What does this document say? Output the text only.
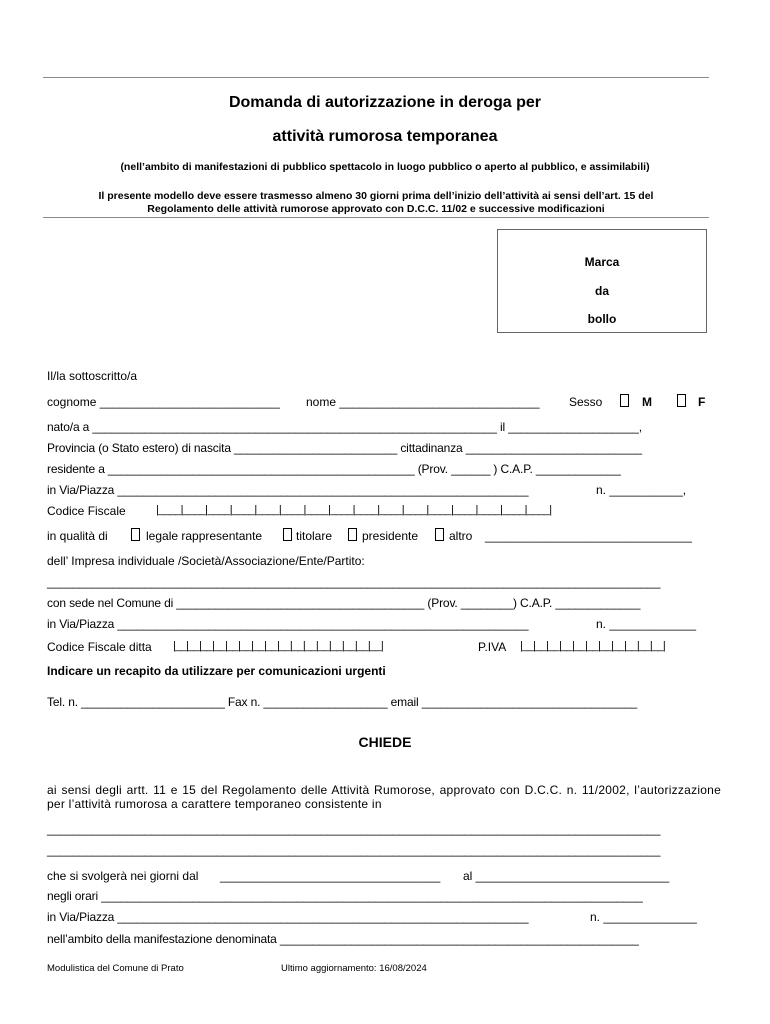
Domanda di autorizzazione in deroga per
attività rumorosa temporanea
(nell’ambito di manifestazioni di pubblico spettacolo in luogo pubblico o aperto al pubblico, e assimilabili)
Il presente modello deve essere trasmesso almeno 30 giorni prima dell’inizio dell’attività ai sensi dell’art. 15 del
Regolamento delle attività rumorose approvato con D.C.C. 11/02 e successive modificazioni
Marca
da
bollo
Il/la sottoscritto/a
cognome ___________________________ nome ______________________________ Sesso	M	F
nato/a a ______________________________________________________________ il ____________________,
Provincia (o Stato estero) di nascita _________________________ cittadinanza ___________________________
residente a _______________________________________________ (Prov. ______ ) C.A.P. _____________
in Via/Piazza _______________________________________________________________	n. ___________,
Codice Fiscale	|____|____|____|____|____|____|____|____|____|____|____|____|____|____|____|____|
in qualità di	legale rappresentante	titolare presidente	altro _______________________________
dell’ Impresa individuale /Società/Associazione/Ente/Partito:
______________________________________________________________________________________________
con sede nel Comune di ______________________________________ (Prov. ________) C.A.P. _____________
in Via/Piazza _______________________________________________________________	n. _____________
Codice Fiscale ditta |__|__|__|__|__|__|__|__|__|__|__|__|__|__|__|__|	P.IVA |__|__|__|__|__|__|__|__|__|__|__|
Indicare un recapito da utilizzare per comunicazioni urgenti
Tel. n. ______________________ Fax n. ___________________ email _________________________________
CHIEDE
ai sensi degli artt. 11 e 15 del Regolamento delle Attività Rumorose, approvato con D.C.C. n. 11/2002, l’autorizzazione per l’attività rumorosa a carattere temporaneo consistente in
______________________________________________________________________________________________
______________________________________________________________________________________________
che si svolgerà nei giorni dal _________________________________ al _____________________________
negli orari ___________________________________________________________________________________
in Via/Piazza _______________________________________________________________	n. ______________
nell’ambito della manifestazione denominata _______________________________________________________
Modulistica del Comune di Prato	Ultimo aggiornamento: 16/08/2024
